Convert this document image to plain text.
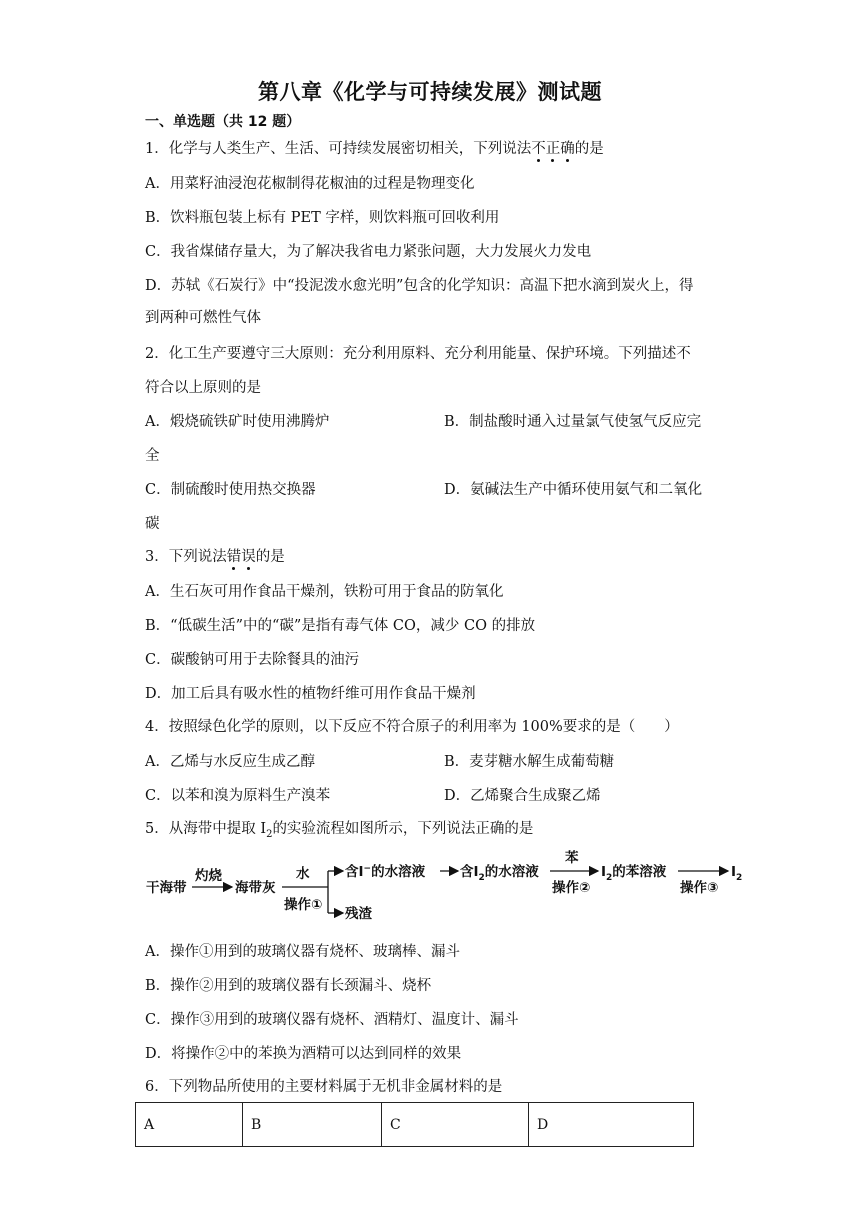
第八章《化学与可持续发展》测试题
一、单选题（共 12 题）
1．化学与人类生产、生活、可持续发展密切相关，下列说法不正确的是
A．用菜籽油浸泡花椒制得花椒油的过程是物理变化
B．饮料瓶包装上标有 PET 字样，则饮料瓶可回收利用
C．我省煤储存量大，为了解决我省电力紧张问题，大力发展火力发电
D．苏轼《石炭行》中“投泥泼水愈光明”包含的化学知识：高温下把水滴到炭火上，得
到两种可燃性气体
2．化工生产要遵守三大原则：充分利用原料、充分利用能量、保护环境。下列描述不
符合以上原则的是
A．煅烧硫铁矿时使用沸腾炉	B．制盐酸时通入过量氯气使氢气反应完
全
C．制硫酸时使用热交换器	D．氨碱法生产中循环使用氨气和二氧化
碳
3．下列说法错误的是
A．生石灰可用作食品干燥剂，铁粉可用于食品的防氧化
B．“低碳生活”中的“碳”是指有毒气体 CO，减少 CO 的排放
C．碳酸钠可用于去除餐具的油污
D．加工后具有吸水性的植物纤维可用作食品干燥剂
4．按照绿色化学的原则，以下反应不符合原子的利用率为 100%要求的是（　　）
A．乙烯与水反应生成乙醇	B．麦芽糖水解生成葡萄糖
C．以苯和溴为原料生产溴苯	D．乙烯聚合生成聚乙烯
5．从海带中提取 $I_2$的实验流程如图所示，下列说法正确的是
干海带
灼烧
海带灰
水
操作①
含I−的水溶液
残渣
含$I_2$的水溶液
苯
操作②
$I_2$的苯溶液
操作③
$I_2$
A．操作①用到的玻璃仪器有烧杯、玻璃棒、漏斗
B．操作②用到的玻璃仪器有长颈漏斗、烧杯
C．操作③用到的玻璃仪器有烧杯、酒精灯、温度计、漏斗
D．将操作②中的苯换为酒精可以达到同样的效果
6．下列物品所使用的主要材料属于无机非金属材料的是
A	B	C	D
